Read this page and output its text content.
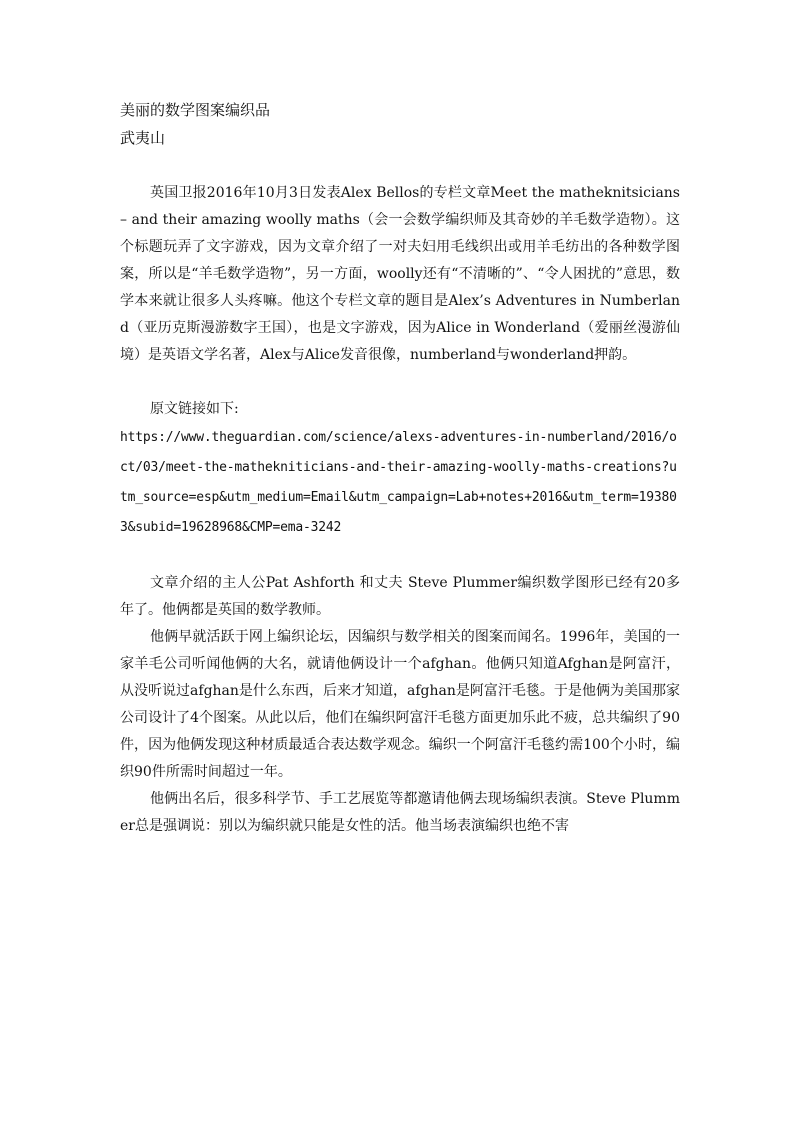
美丽的数学图案编织品
武夷山

英国卫报2016年10月3日发表Alex Bellos的专栏文章Meet the matheknitsicians – and their amazing woolly maths（会一会数学编织师及其奇妙的羊毛数学造物）。这个标题玩弄了文字游戏，因为文章介绍了一对夫妇用毛线织出或用羊毛纺出的各种数学图案，所以是“羊毛数学造物”，另一方面，woolly还有“不清晰的”、“令人困扰的”意思，数学本来就让很多人头疼嘛。他这个专栏文章的题目是Alex’s Adventures in Numberland（亚历克斯漫游数字王国），也是文字游戏，因为Alice in Wonderland（爱丽丝漫游仙境）是英语文学名著，Alex与Alice发音很像，numberland与wonderland押韵。

原文链接如下:

https://www.theguardian.com/science/alexs-adventures-in-numberland/2016/oct/03/meet-the-mathekniticians-and-their-amazing-woolly-maths-creations?utm_source=esp&utm_medium=Email&utm_campaign=Lab+notes+2016&utm_term=193803&subid=19628968&CMP=ema-3242

文章介绍的主人公Pat Ashforth 和丈夫 Steve Plummer编织数学图形已经有20多年了。他俩都是英国的数学教师。

他俩早就活跃于网上编织论坛，因编织与数学相关的图案而闻名。1996年，美国的一家羊毛公司听闻他俩的大名，就请他俩设计一个afghan。他俩只知道Afghan是阿富汗，从没听说过afghan是什么东西，后来才知道，afghan是阿富汗毛毯。于是他俩为美国那家公司设计了4个图案。从此以后，他们在编织阿富汗毛毯方面更加乐此不疲，总共编织了90件，因为他俩发现这种材质最适合表达数学观念。编织一个阿富汗毛毯约需100个小时，编织90件所需时间超过一年。

他俩出名后，很多科学节、手工艺展览等都邀请他俩去现场编织表演。Steve Plummer总是强调说：别以为编织就只能是女性的活。他当场表演编织也绝不害
